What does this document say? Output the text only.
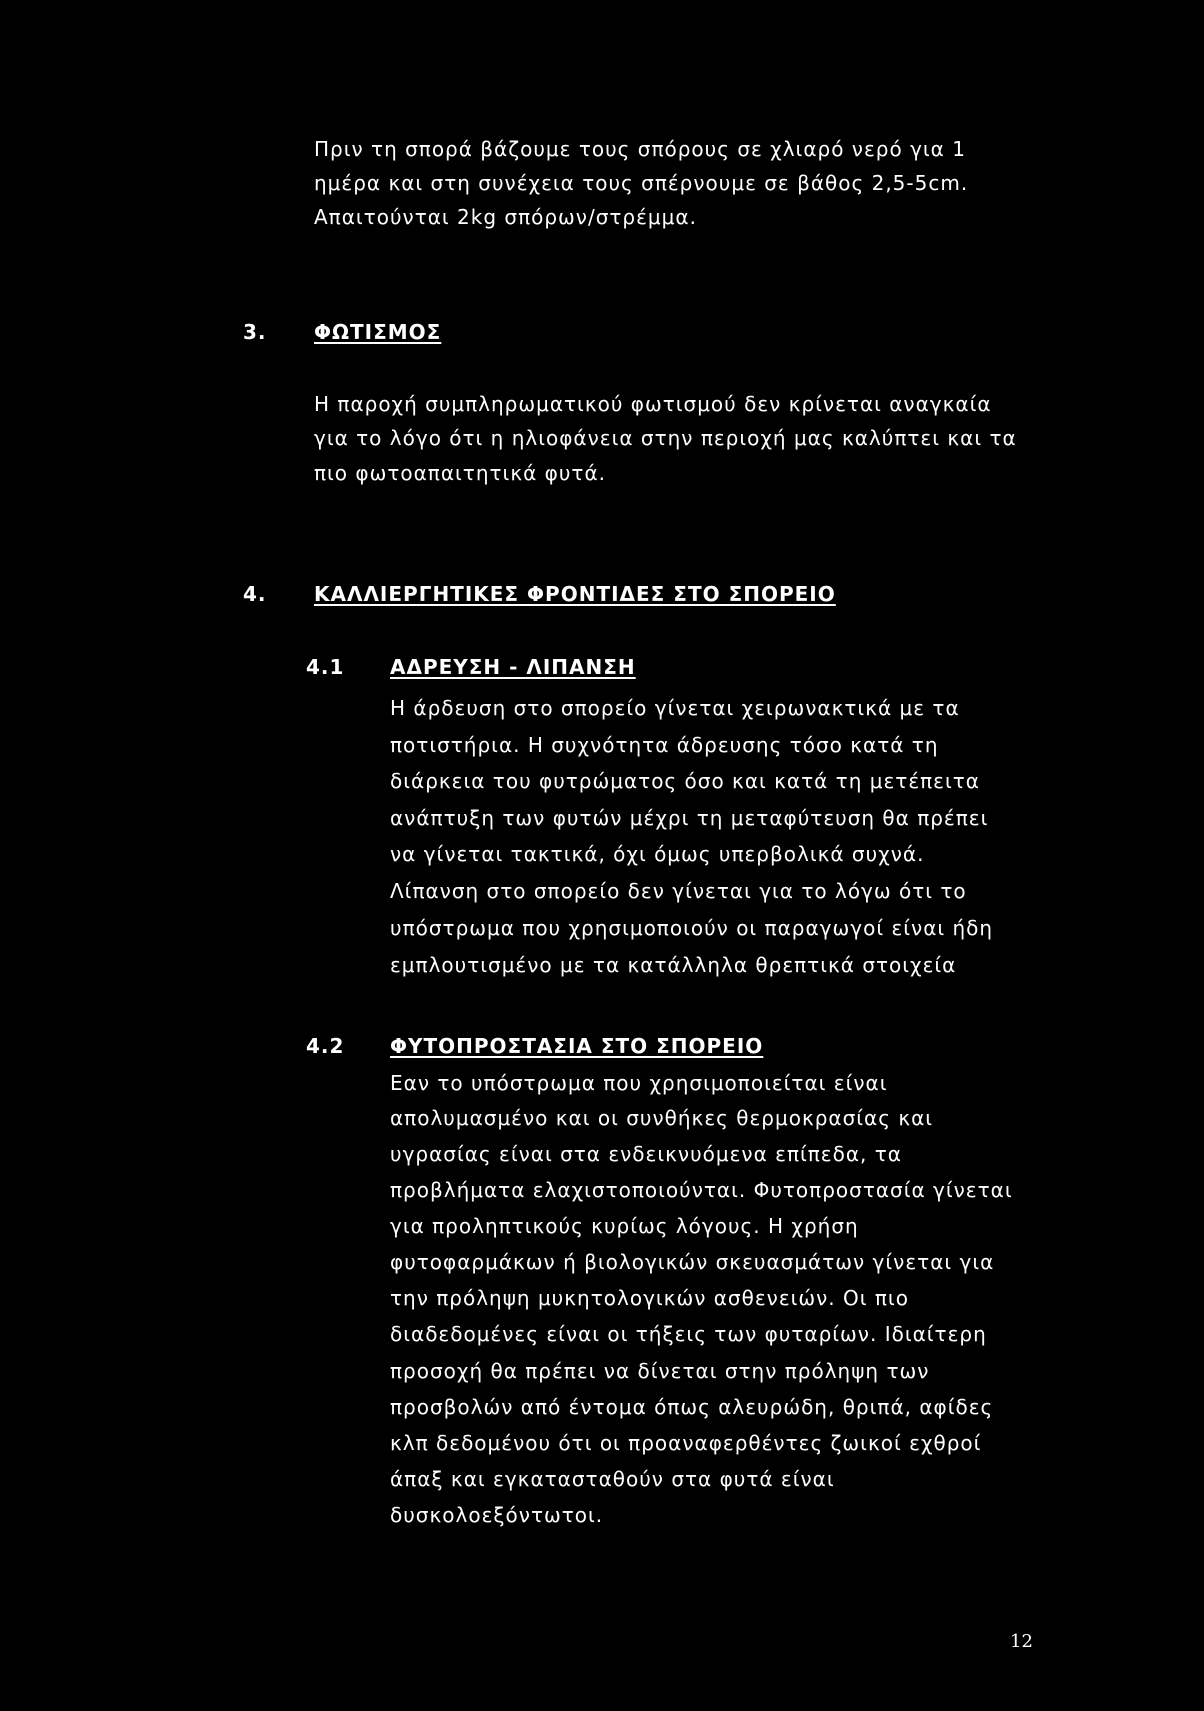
Πριν τη σπορά βάζουμε τους σπόρους σε χλιαρό νερό για 1
ημέρα και στη συνέχεια τους σπέρνουμε σε βάθος 2,5-5cm.
Απαιτούνται 2kg σπόρων/στρέμμα.
3. ΦΩΤΙΣΜΟΣ
Η παροχή συμπληρωματικού φωτισμού δεν κρίνεται αναγκαία
για το λόγο ότι η ηλιοφάνεια στην περιοχή μας καλύπτει και τα
πιο φωτοαπαιτητικά φυτά.
4. ΚΑΛΛΙΕΡΓΗΤΙΚΕΣ ΦΡΟΝΤΙΔΕΣ ΣΤΟ ΣΠΟΡΕΙΟ
4.1 ΑΔΡΕΥΣΗ - ΛΙΠΑΝΣΗ
Η άρδευση στο σπορείο γίνεται χειρωνακτικά με τα
ποτιστήρια. Η συχνότητα άδρευσης τόσο κατά τη
διάρκεια του φυτρώματος όσο και κατά τη μετέπειτα
ανάπτυξη των φυτών μέχρι τη μεταφύτευση θα πρέπει
να γίνεται τακτικά, όχι όμως υπερβολικά συχνά.
Λίπανση στο σπορείο δεν γίνεται για το λόγω ότι το
υπόστρωμα που χρησιμοποιούν οι παραγωγοί είναι ήδη
εμπλουτισμένο με τα κατάλληλα θρεπτικά στοιχεία
4.2 ΦΥΤΟΠΡΟΣΤΑΣΙΑ ΣΤΟ ΣΠΟΡΕΙΟ
Εαν το υπόστρωμα που χρησιμοποιείται είναι
απολυμασμένο και οι συνθήκες θερμοκρασίας και
υγρασίας είναι στα ενδεικνυόμενα επίπεδα, τα
προβλήματα ελαχιστοποιούνται. Φυτοπροστασία γίνεται
για προληπτικούς κυρίως λόγους. Η χρήση
φυτοφαρμάκων ή βιολογικών σκευασμάτων γίνεται για
την πρόληψη μυκητολογικών ασθενειών. Οι πιο
διαδεδομένες είναι οι τήξεις των φυταρίων. Ιδιαίτερη
προσοχή θα πρέπει να δίνεται στην πρόληψη των
προσβολών από έντομα όπως αλευρώδη, θριπά, αφίδες
κλπ δεδομένου ότι οι προαναφερθέντες ζωικοί εχθροί
άπαξ και εγκατασταθούν στα φυτά είναι
δυσκολοεξόντωτοι.
12
